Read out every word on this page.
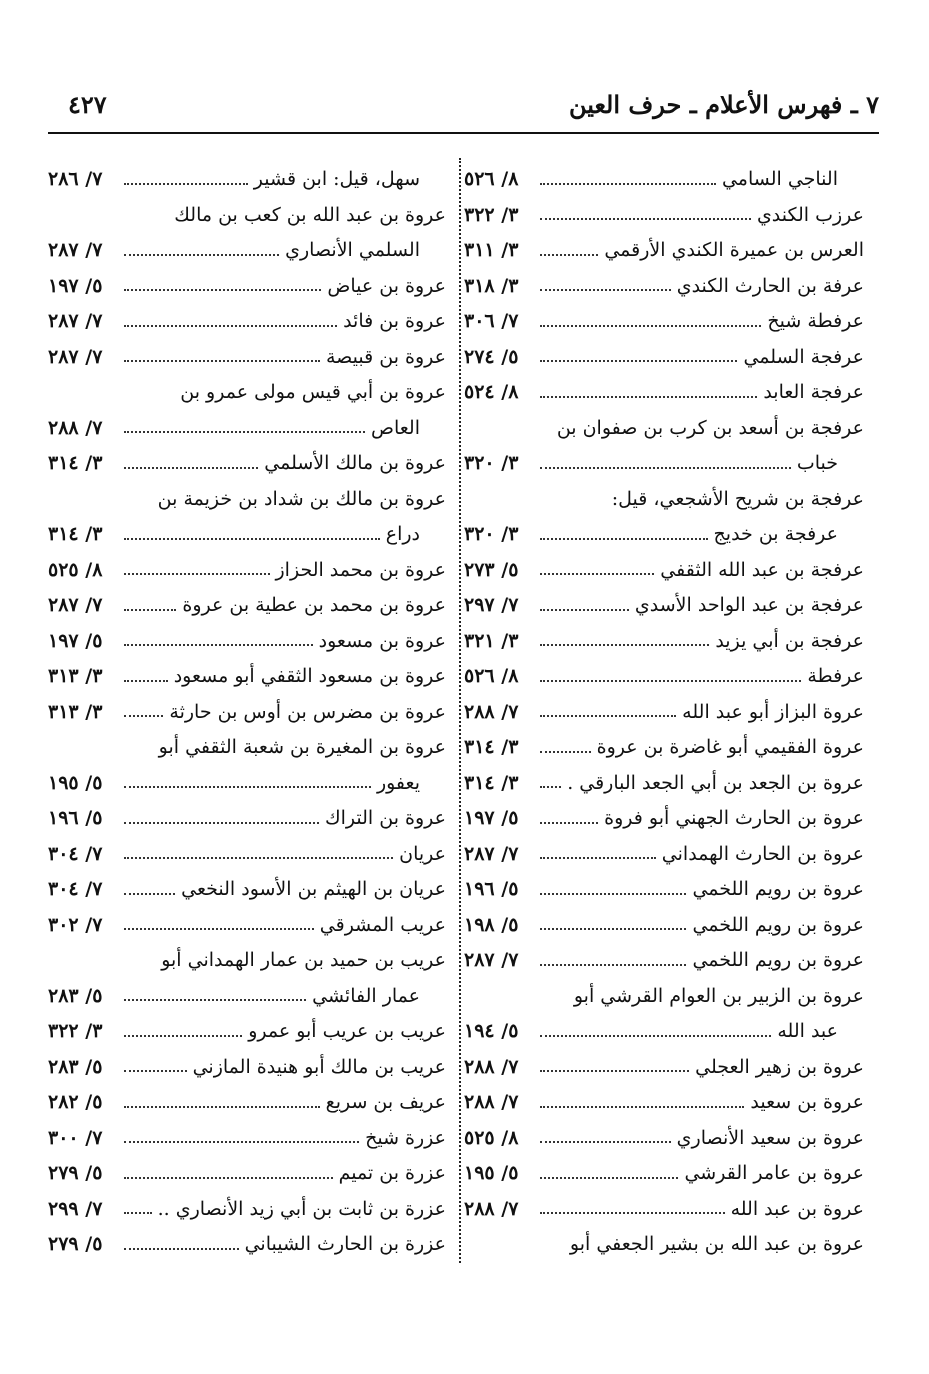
٧ ـ فهرس الأعلام ـ حرف العين
٤٢٧
الناجي السامي
٨/ ٥٢٦
عرزب الكندي
٣/ ٣٢٢
العرس بن عميرة الكندي الأرقمي
٣/ ٣١١
عرفة بن الحارث الكندي
٣/ ٣١٨
عرفطة شيخ
٧/ ٣٠٦
عرفجة السلمي
٥/ ٢٧٤
عرفجة العابد
٨/ ٥٢٤
عرفجة بن أسعد بن كرب بن صفوان بن
خباب
٣/ ٣٢٠
عرفجة بن شريح الأشجعي، قيل:
عرفجة بن خديج
٣/ ٣٢٠
عرفجة بن عبد الله الثقفي
٥/ ٢٧٣
عرفجة بن عبد الواحد الأسدي
٧/ ٢٩٧
عرفجة بن أبي يزيد
٣/ ٣٢١
عرفطة
٨/ ٥٢٦
عروة البزاز أبو عبد الله
٧/ ٢٨٨
عروة الفقيمي أبو غاضرة بن عروة
٣/ ٣١٤
عروة بن الجعد بن أبي الجعد البارقي .
٣/ ٣١٤
عروة بن الحارث الجهني أبو فروة
٥/ ١٩٧
عروة بن الحارث الهمداني
٧/ ٢٨٧
عروة بن رويم اللخمي
٥/ ١٩٦
عروة بن رويم اللخمي
٥/ ١٩٨
عروة بن رويم اللخمي
٧/ ٢٨٧
عروة بن الزبير بن العوام القرشي أبو
عبد الله
٥/ ١٩٤
عروة بن زهير العجلي
٧/ ٢٨٨
عروة بن سعيد
٧/ ٢٨٨
عروة بن سعيد الأنصاري
٨/ ٥٢٥
عروة بن عامر القرشي
٥/ ١٩٥
عروة بن عبد الله
٧/ ٢٨٨
عروة بن عبد الله بن بشير الجعفي أبو
سهل، قيل: ابن قشير
٧/ ٢٨٦
عروة بن عبد الله بن كعب بن مالك
السلمي الأنصاري
٧/ ٢٨٧
عروة بن عياض
٥/ ١٩٧
عروة بن فائد
٧/ ٢٨٧
عروة بن قبيصة
٧/ ٢٨٧
عروة بن أبي قيس مولى عمرو بن
العاص
٧/ ٢٨٨
عروة بن مالك الأسلمي
٣/ ٣١٤
عروة بن مالك بن شداد بن خزيمة بن
دراع
٣/ ٣١٤
عروة بن محمد الحزاز
٨/ ٥٢٥
عروة بن محمد بن عطية بن عروة
٧/ ٢٨٧
عروة بن مسعود
٥/ ١٩٧
عروة بن مسعود الثقفي أبو مسعود
٣/ ٣١٣
عروة بن مضرس بن أوس بن حارثة
٣/ ٣١٣
عروة بن المغيرة بن شعبة الثقفي أبو
يعفور
٥/ ١٩٥
عروة بن التراك
٥/ ١٩٦
عريان
٧/ ٣٠٤
عريان بن الهيثم بن الأسود النخعي
٧/ ٣٠٤
عريب المشرقي
٧/ ٣٠٢
عريب بن حميد بن عمار الهمداني أبو
عمار الفائشي
٥/ ٢٨٣
عريب بن عريب أبو عمرو
٣/ ٣٢٢
عريب بن مالك أبو هنيدة المازني
٥/ ٢٨٣
عريف بن سريع
٥/ ٢٨٢
عزرة شيخ
٧/ ٣٠٠
عزرة بن تميم
٥/ ٢٧٩
عزرة بن ثابت بن أبي زيد الأنصاري ..
٧/ ٢٩٩
عزرة بن الحارث الشيباني
٥/ ٢٧٩
